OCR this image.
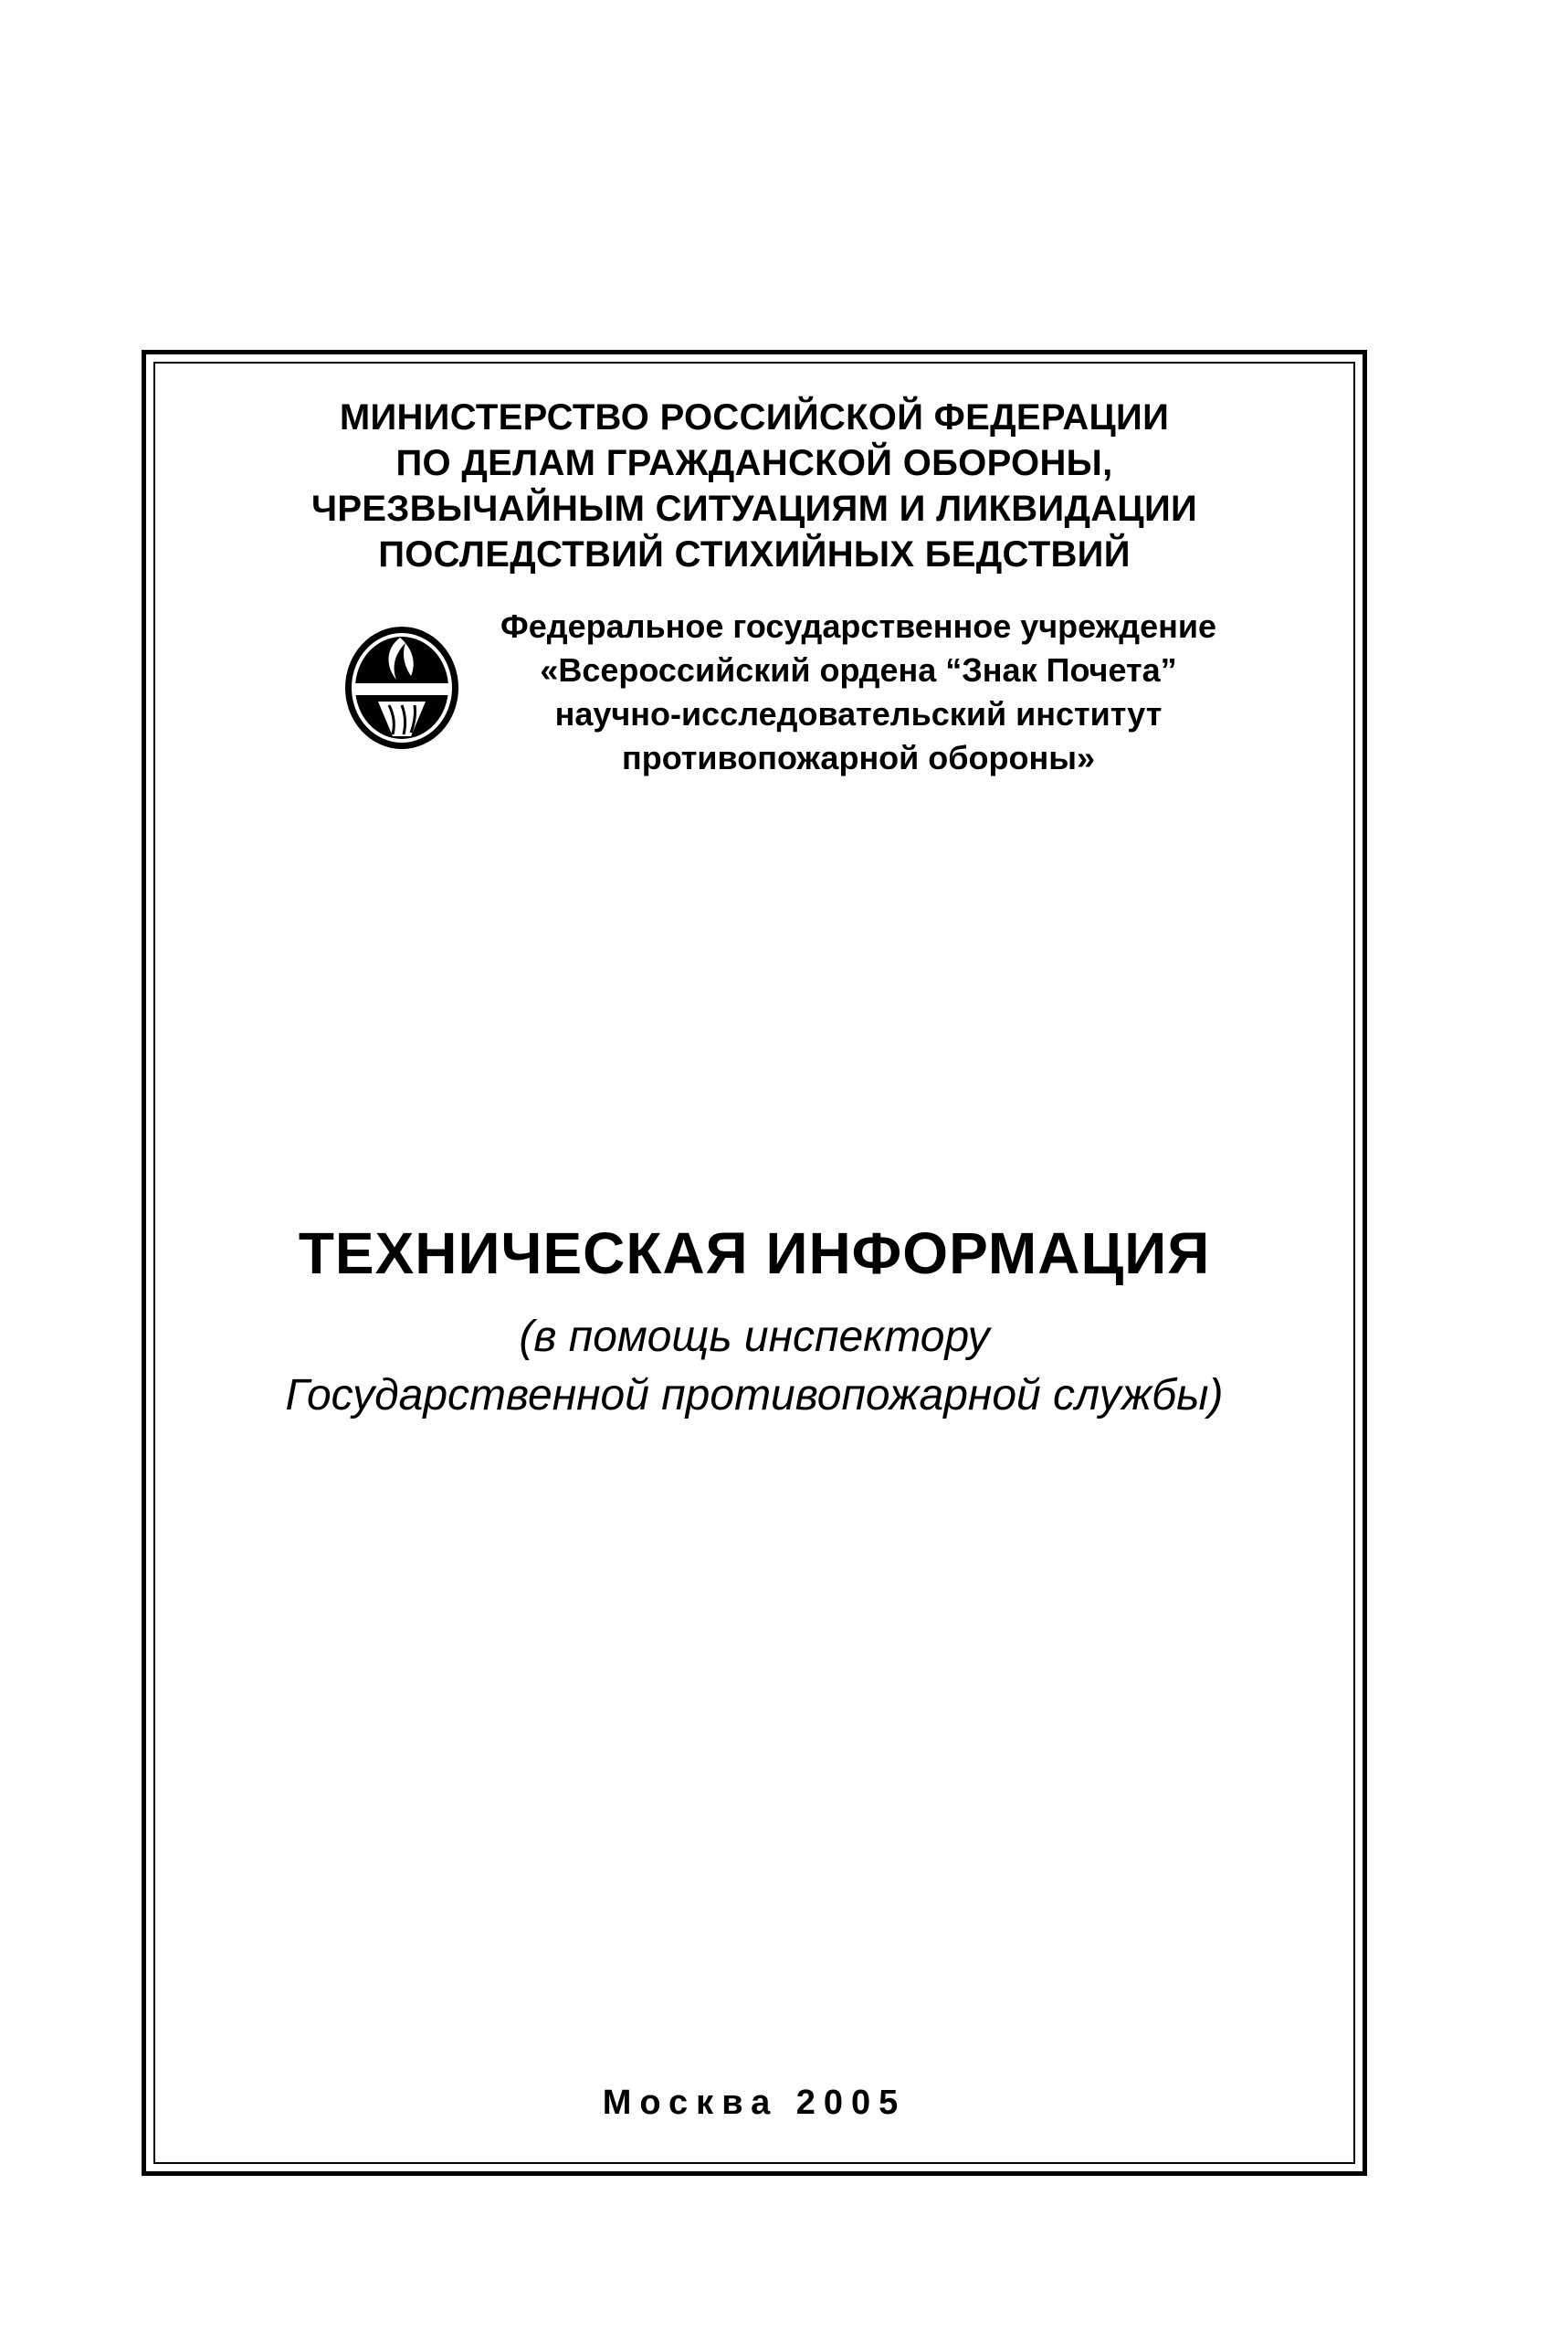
МИНИСТЕРСТВО РОССИЙСКОЙ ФЕДЕРАЦИИ
ПО ДЕЛАМ ГРАЖДАНСКОЙ ОБОРОНЫ,
ЧРЕЗВЫЧАЙНЫМ СИТУАЦИЯМ И ЛИКВИДАЦИИ
ПОСЛЕДСТВИЙ СТИХИЙНЫХ БЕДСТВИЙ
Федеральное государственное учреждение
«Всероссийский ордена “Знак Почета”
научно-исследовательский институт
противопожарной обороны»
ТЕХНИЧЕСКАЯ ИНФОРМАЦИЯ
(в помощь инспектору
Государственной противопожарной службы)
Москва 2005
